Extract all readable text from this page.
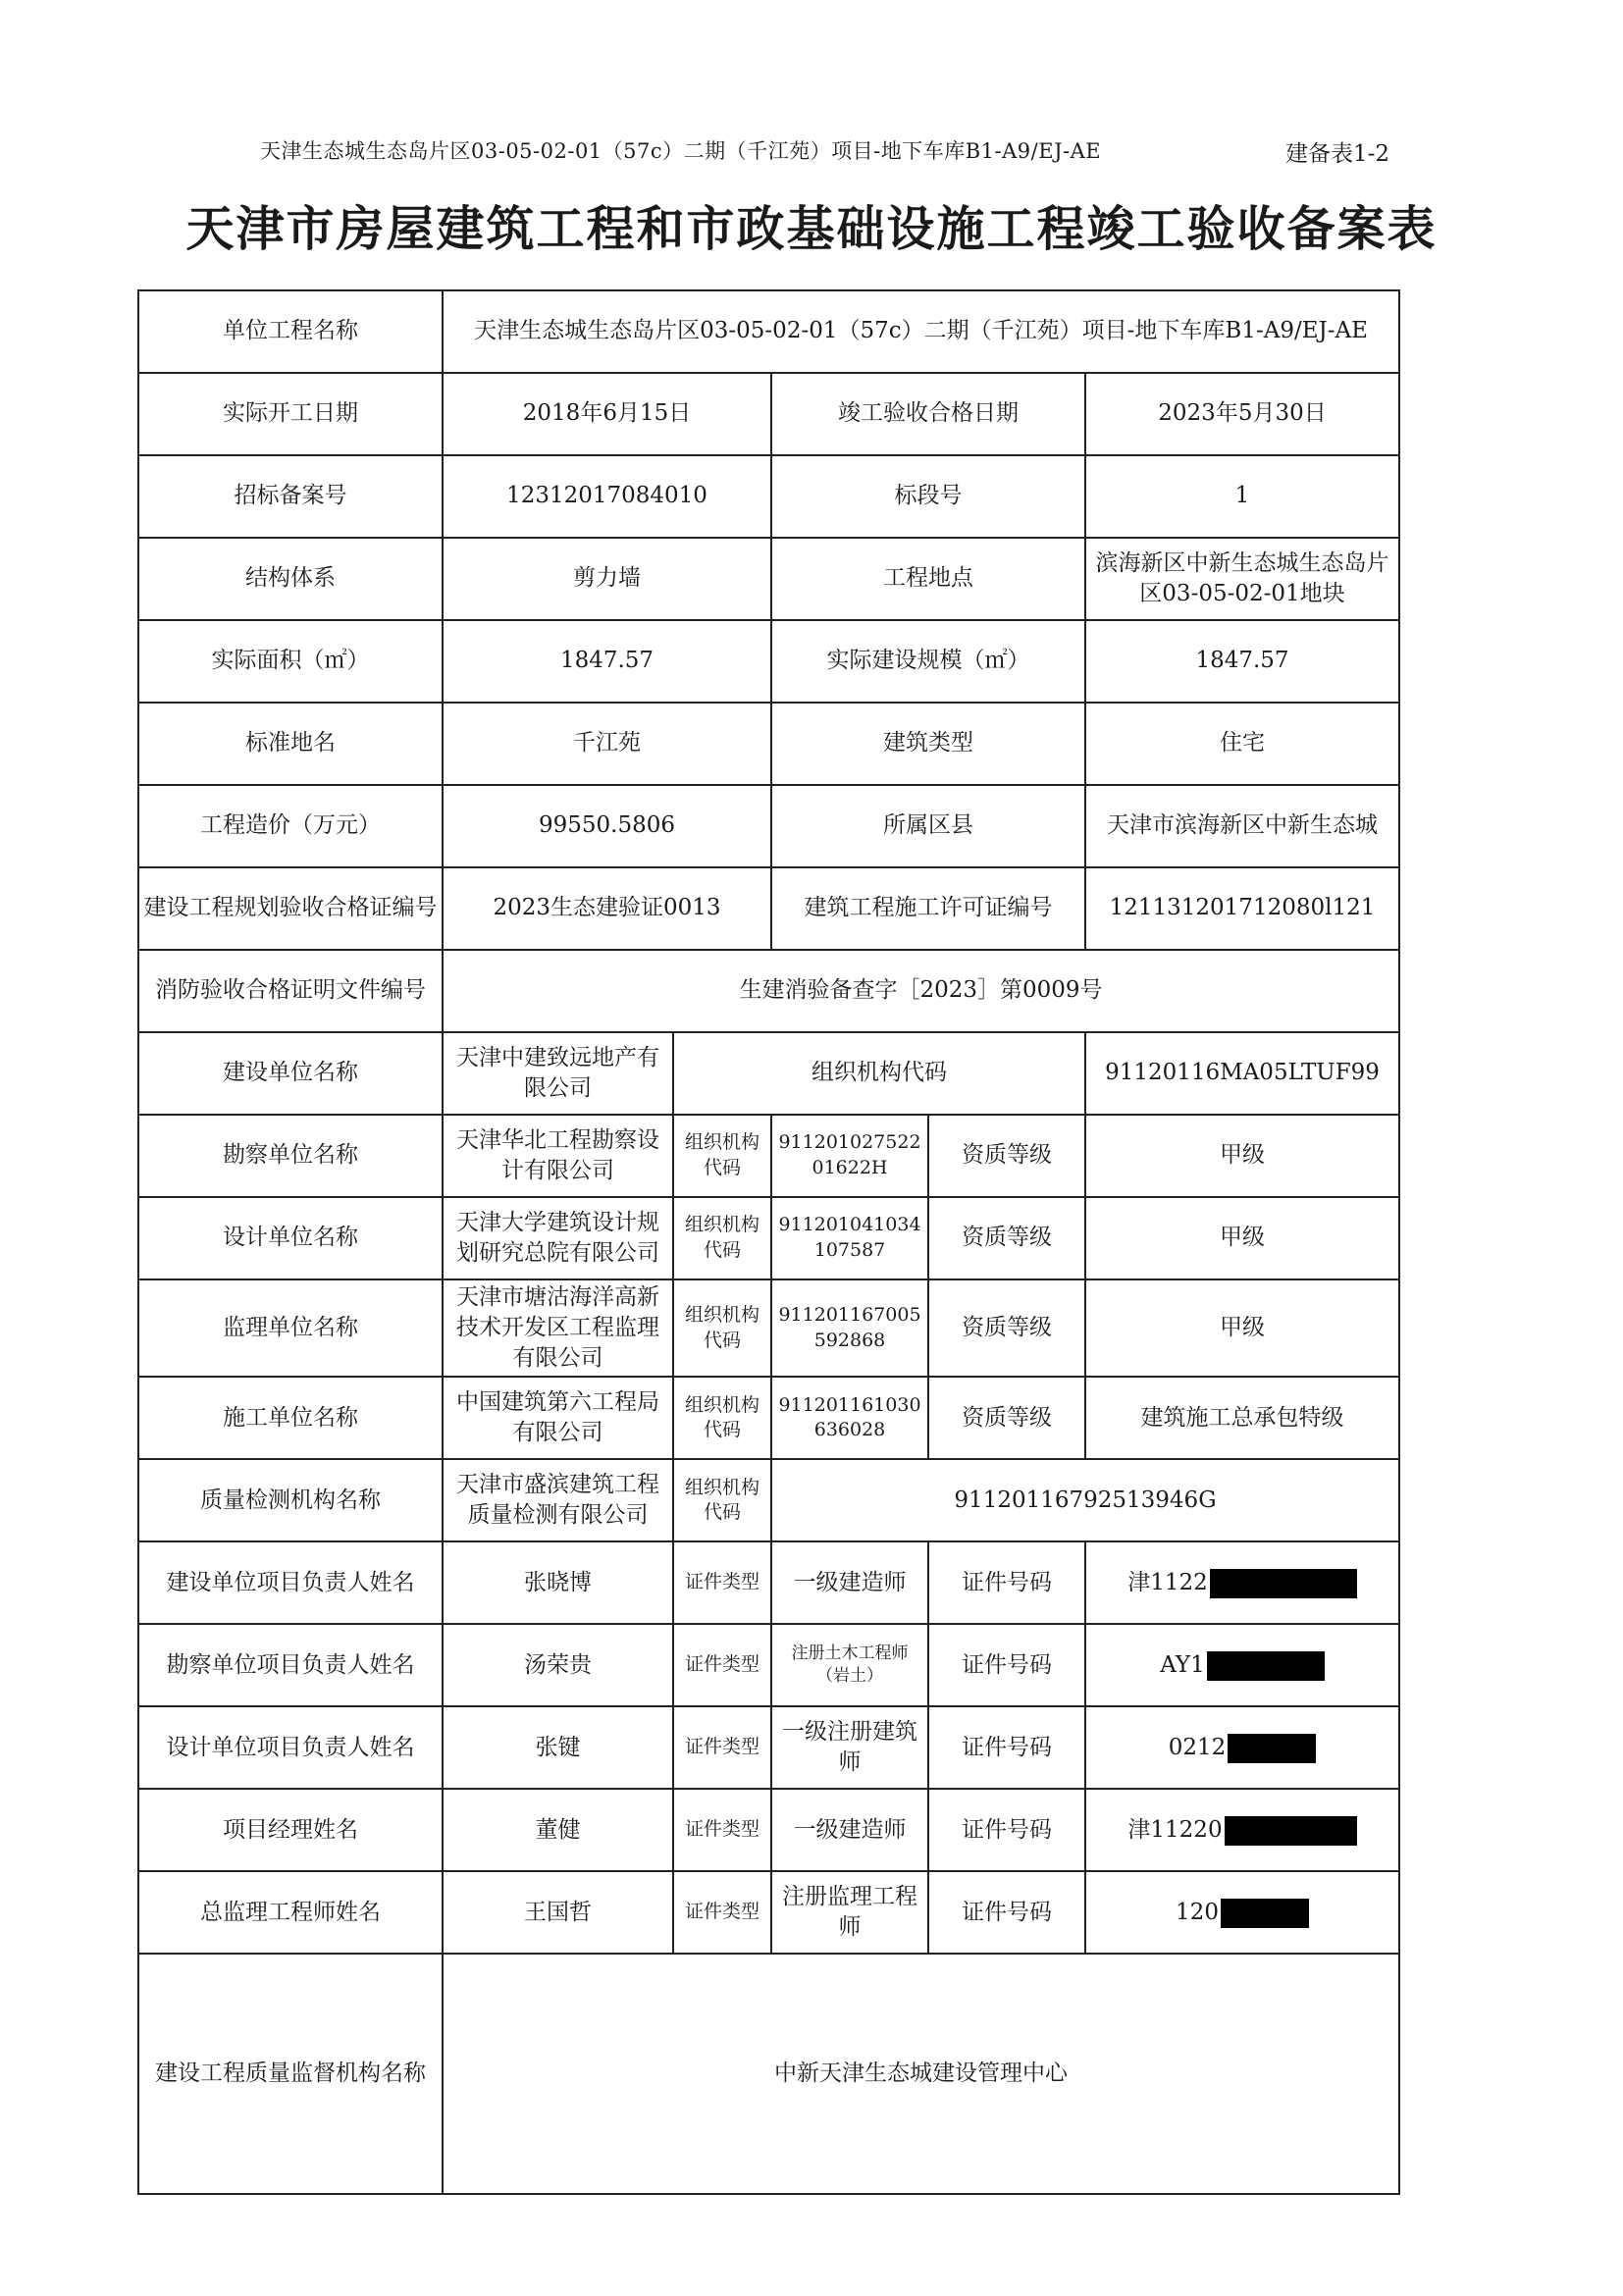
天津生态城生态岛片区03-05-02-01（57c）二期（千江苑）项目-地下车库B1-A9/EJ-AE	建备表1-2
天津市房屋建筑工程和市政基础设施工程竣工验收备案表
单位工程名称	天津生态城生态岛片区03-05-02-01（57c）二期（千江苑）项目-地下车库B1-A9/EJ-AE				
实际开工日期	2018年6月15日		竣工验收合格日期		2023年5月30日
招标备案号	12312017084010		标段号		1
结构体系	剪力墙		工程地点		滨海新区中新生态城生态岛片区03-05-02-01地块
实际面积（㎡）	1847.57		实际建设规模（㎡）		1847.57
标准地名	千江苑		建筑类型		住宅
工程造价（万元）	99550.5806		所属区县		天津市滨海新区中新生态城
建设工程规划验收合格证编号	2023生态建验证0013		建筑工程施工许可证编号		121131201712080l121
消防验收合格证明文件编号	生建消验备查字［2023］第0009号				
建设单位名称	天津中建致远地产有限公司	组织机构代码			91120116MA05LTUF99
勘察单位名称	天津华北工程勘察设计有限公司	组织机构代码	91120102752201622H	资质等级	甲级
设计单位名称	天津大学建筑设计规划研究总院有限公司	组织机构代码	911201041034107587	资质等级	甲级
监理单位名称	天津市塘沽海洋高新技术开发区工程监理有限公司	组织机构代码	911201167005592868	资质等级	甲级
施工单位名称	中国建筑第六工程局有限公司	组织机构代码	911201161030636028	资质等级	建筑施工总承包特级
质量检测机构名称	天津市盛滨建筑工程质量检测有限公司	组织机构代码	91120116792513946G		
建设单位项目负责人姓名	张晓博	证件类型	一级建造师	证件号码	津1122
勘察单位项目负责人姓名	汤荣贵	证件类型	注册土木工程师（岩土）	证件号码	AY1
设计单位项目负责人姓名	张键	证件类型	一级注册建筑师	证件号码	0212
项目经理姓名	董健	证件类型	一级建造师	证件号码	津11220
总监理工程师姓名	王国哲	证件类型	注册监理工程师	证件号码	120
建设工程质量监督机构名称	中新天津生态城建设管理中心				
